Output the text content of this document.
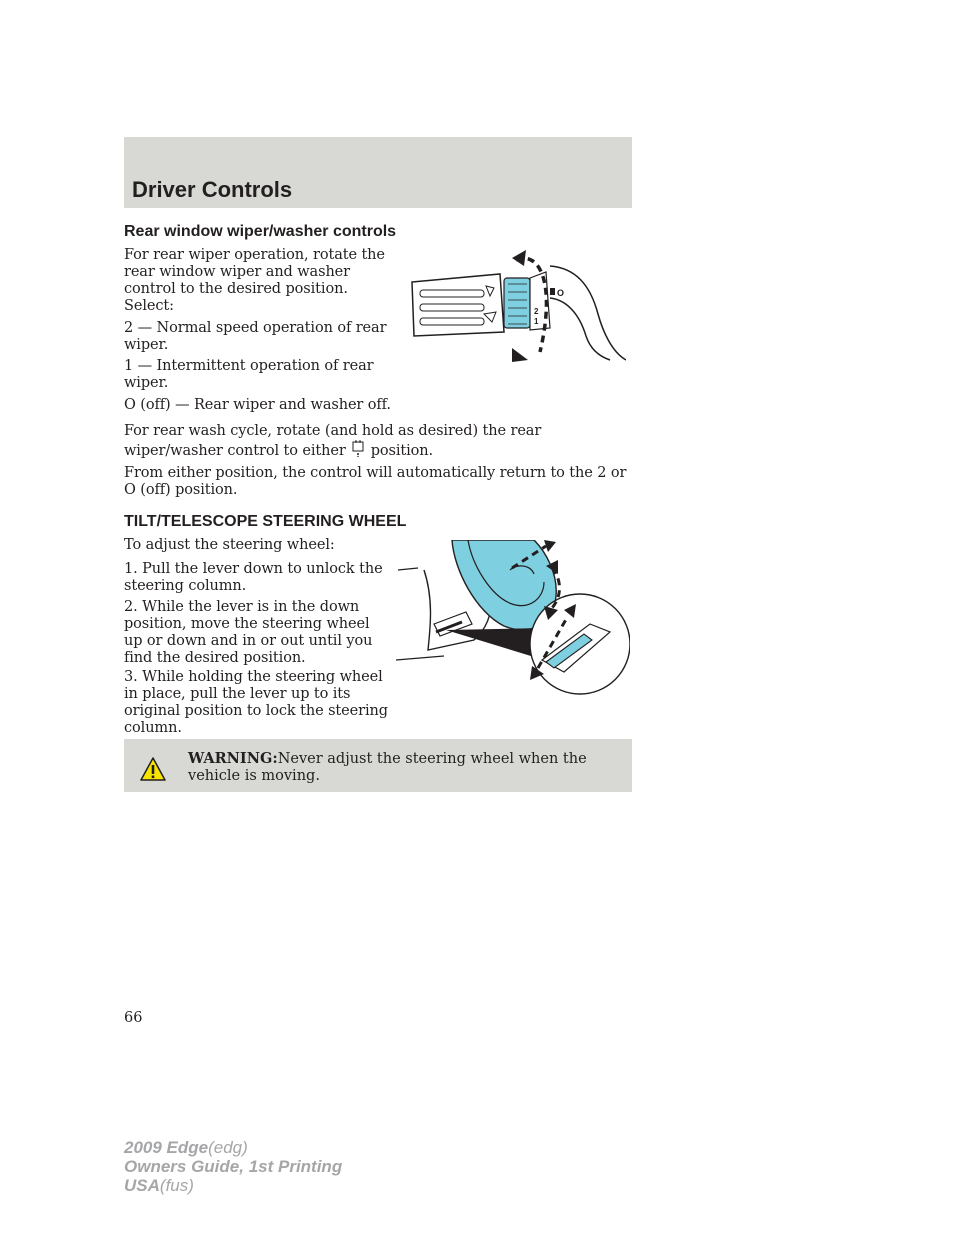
Driver Controls
Rear window wiper/washer controls

For rear wiper operation, rotate the rear window wiper and washer control to the desired position. Select:

2 — Normal speed operation of rear wiper.

1 — Intermittent operation of rear wiper.

O (off) — Rear wiper and washer off.

For rear wash cycle, rotate (and hold as desired) the rear wiper/washer control to either position.

From either position, the control will automatically return to the 2 or O (off) position.

2
1
O
TILT/TELESCOPE STEERING WHEEL

To adjust the steering wheel:

1. Pull the lever down to unlock the steering column.

2. While the lever is in the down position, move the steering wheel up or down and in or out until you find the desired position.

3. While holding the steering wheel in place, pull the lever up to its original position to lock the steering column.

WARNING:Never adjust the steering wheel when the vehicle is moving.

66
2009 Edge(edg)
Owners Guide, 1st Printing
USA(fus)
